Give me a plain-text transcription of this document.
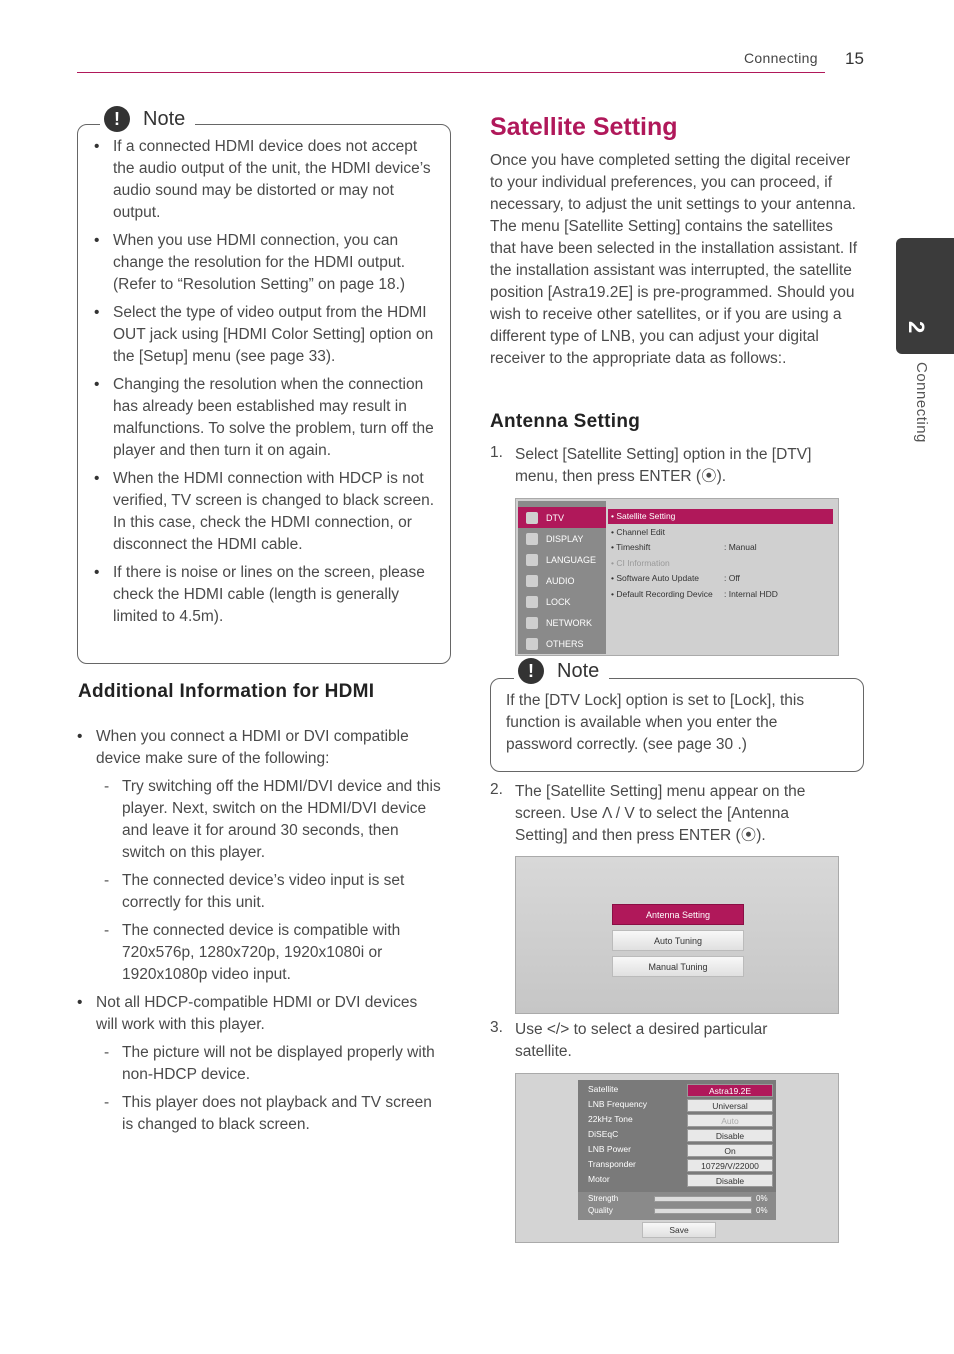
Connecting 15
2
Connecting
!	Note
• If a connected HDMI device does not accept the audio output of the unit, the HDMI device’s audio sound may be distorted or may not output.
• When you use HDMI connection, you can change the resolution for the HDMI output. (Refer to “Resolution Setting” on page 18.)
• Select the type of video output from the HDMI OUT jack using [HDMI Color Setting] option on the [Setup] menu (see page 33).
• Changing the resolution when the connection has already been established may result in malfunctions. To solve the problem, turn off the player and then turn it on again.
• When the HDMI connection with HDCP is not verified, TV screen is changed to black screen. In this case, check the HDMI connection, or disconnect the HDMI cable.
• If there is noise or lines on the screen, please check the HDMI cable (length is generally limited to 4.5m).
Additional Information for HDMI
• When you connect a HDMI or DVI compatible device make sure of the following:
- Try switching off the HDMI/DVI device and this player. Next, switch on the HDMI/DVI device and leave it for around 30 seconds, then switch on this player.
- The connected device’s video input is set correctly for this unit.
- The connected device is compatible with 720x576p, 1280x720p, 1920x1080i or 1920x1080p video input.
• Not all HDCP-compatible HDMI or DVI devices will work with this player.
- The picture will not be displayed properly with non-HDCP device.
- This player does not playback and TV screen is changed to black screen.
Satellite Setting
Once you have completed setting the digital receiver to your individual preferences, you can proceed, if necessary, to adjust the unit settings to your antenna. The menu [Satellite Setting] contains the satellites that have been selected in the installation assistant. If the installation assistant was interrupted, the satellite position [Astra19.2E] is pre-programmed. Should you wish to receive other satellites, or if you are using a different type of LNB, you can adjust your digital receiver to the appropriate data as follows:.
Antenna Setting
1. Select [Satellite Setting] option in the [DTV] menu, then press ENTER (⦿).
DTV
DISPLAY
LANGUAGE
AUDIO
LOCK
NETWORK
OTHERS
• Satellite Setting
• Channel Edit
• Timeshift	: Manual
• CI Information
• Software Auto Update	: Off
• Default Recording Device : Internal HDD
!	Note
If the [DTV Lock] option is set to [Lock], this function is available when you enter the password correctly. (see page 30 .)
2. The [Satellite Setting] menu appear on the screen. Use Λ / V to select the [Antenna Setting] and then press ENTER (⦿).
Antenna Setting
Auto Tuning
Manual Tuning
3. Use </> to select a desired particular satellite.
Satellite	Astra19.2E
LNB Frequency	Universal
22kHz Tone	Auto
DiSEqC	Disable
LNB Power	On
Transponder	10729/V/22000
Motor	Disable
Strength	0%
Quality	0%
Save
